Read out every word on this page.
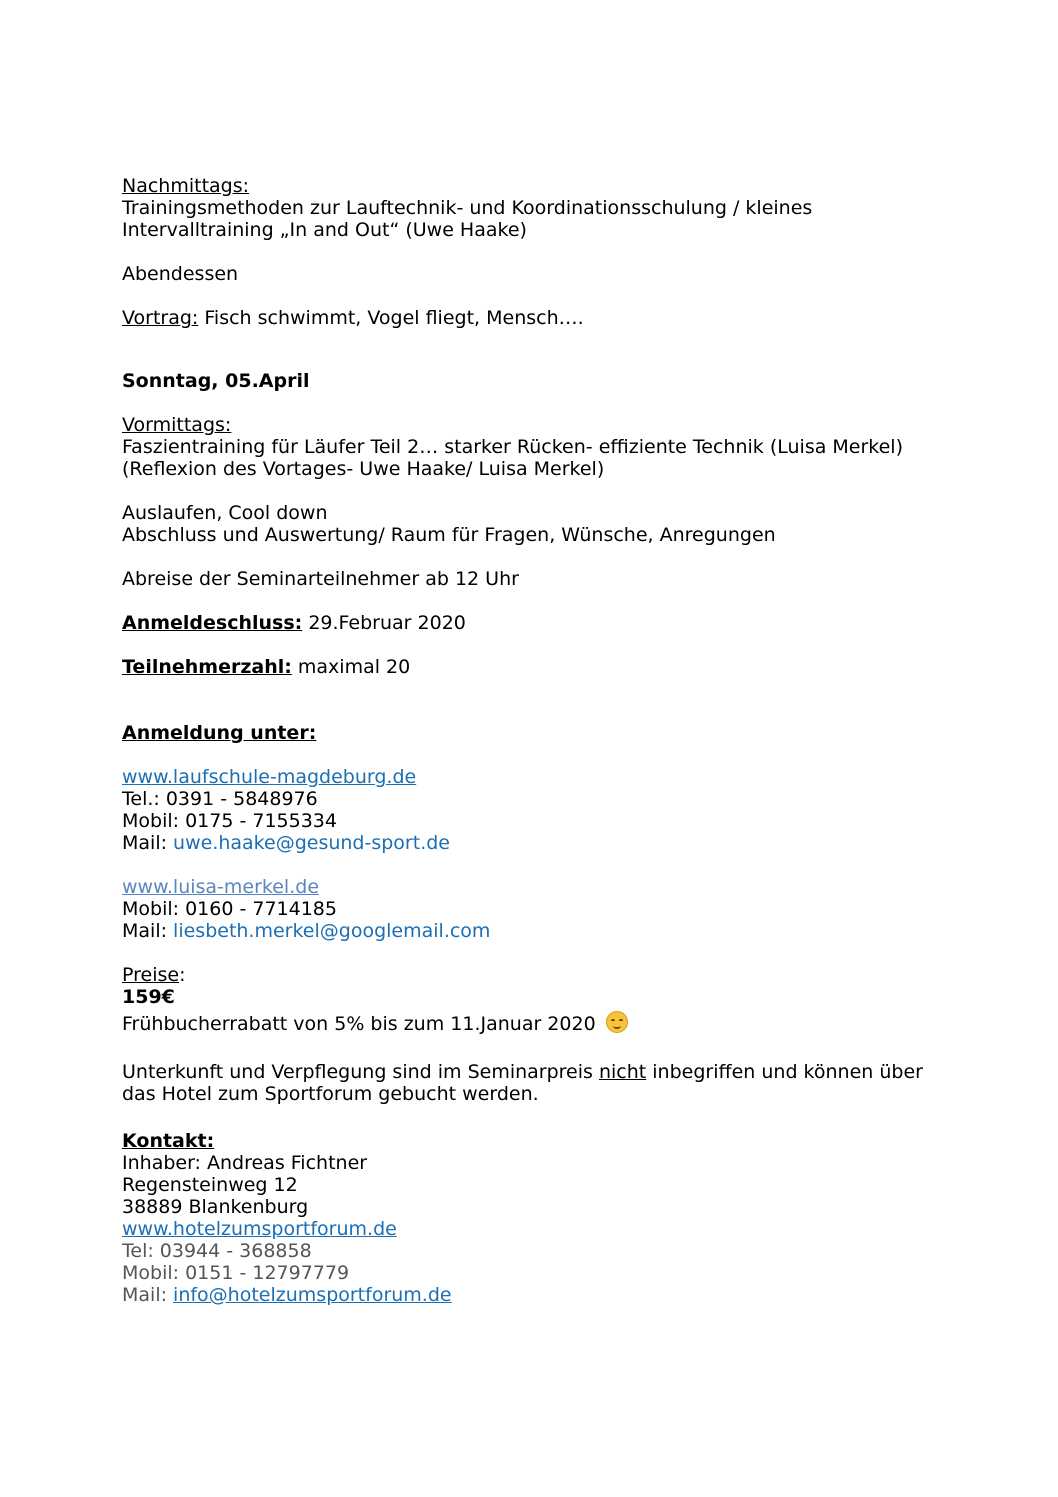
Nachmittags:
Trainingsmethoden zur Lauftechnik- und Koordinationsschulung / kleines
Intervalltraining „In and Out“ (Uwe Haake)
Abendessen
Vortrag: Fisch schwimmt, Vogel fliegt, Mensch….
Sonntag, 05.April
Vormittags:
Faszientraining für Läufer Teil 2… starker Rücken- effiziente Technik (Luisa Merkel)
(Reflexion des Vortages- Uwe Haake/ Luisa Merkel)
Auslaufen, Cool down
Abschluss und Auswertung/ Raum für Fragen, Wünsche, Anregungen
Abreise der Seminarteilnehmer ab 12 Uhr
Anmeldeschluss: 29.Februar 2020
Teilnehmerzahl: maximal 20
Anmeldung unter:
www.laufschule-magdeburg.de
Tel.: 0391 - 5848976
Mobil: 0175 - 7155334
Mail: uwe.haake@gesund-sport.de
www.luisa-merkel.de
Mobil: 0160 - 7714185
Mail: liesbeth.merkel@googlemail.com
Preise:
159€
Frühbucherrabatt von 5% bis zum 11.Januar 2020
Unterkunft und Verpflegung sind im Seminarpreis nicht inbegriffen und können über
das Hotel zum Sportforum gebucht werden.
Kontakt:
Inhaber: Andreas Fichtner
Regensteinweg 12
38889 Blankenburg
www.hotelzumsportforum.de
Tel: 03944 - 368858
Mobil: 0151 - 12797779
Mail: info@hotelzumsportforum.de
